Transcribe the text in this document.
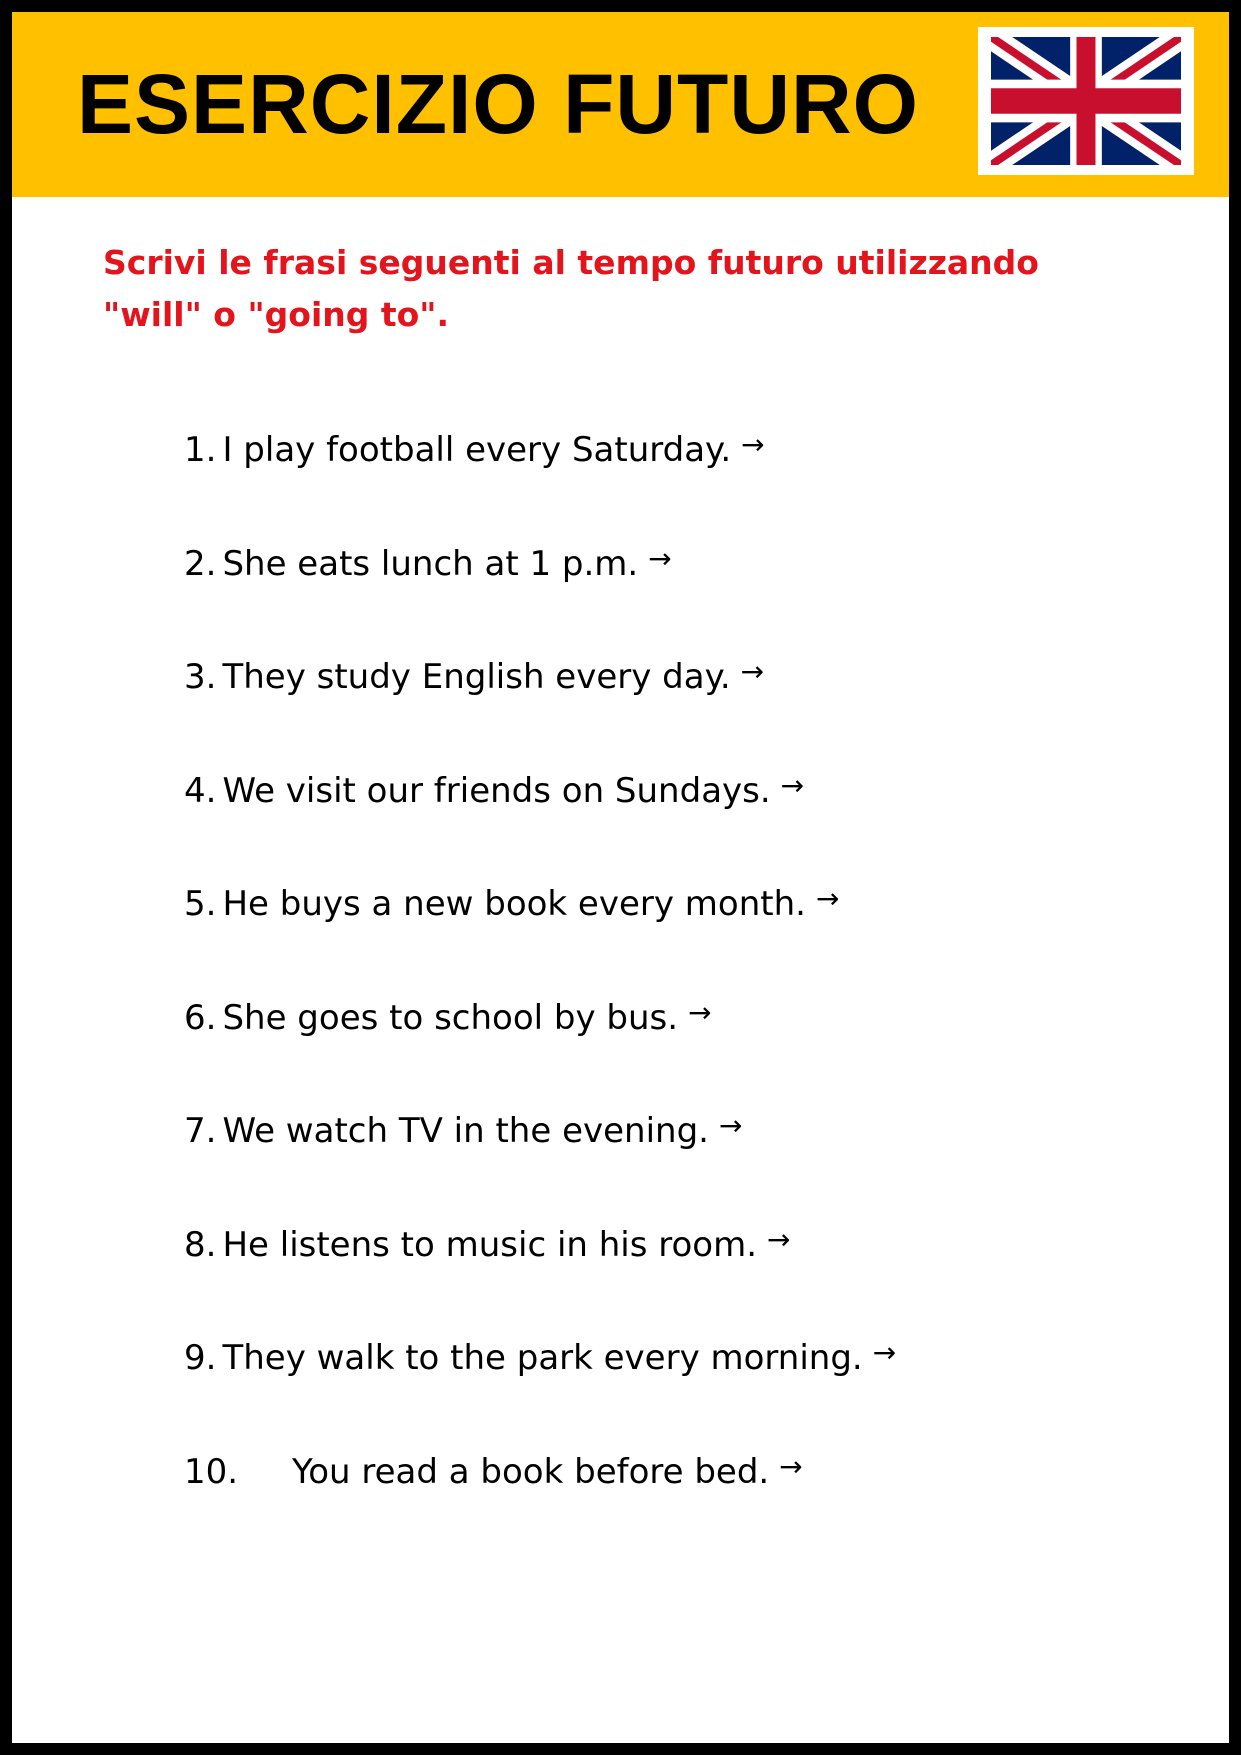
ESERCIZIO FUTURO

Scrivi le frasi seguenti al tempo futuro utilizzando
"will" o "going to".

1. I play football every Saturday. →
2. She eats lunch at 1 p.m. →
3. They study English every day. →
4. We visit our friends on Sundays. →
5. He buys a new book every month. →
6. She goes to school by bus. →
7. We watch TV in the evening. →
8. He listens to music in his room. →
9. They walk to the park every morning. →
10.	You read a book before bed. →
